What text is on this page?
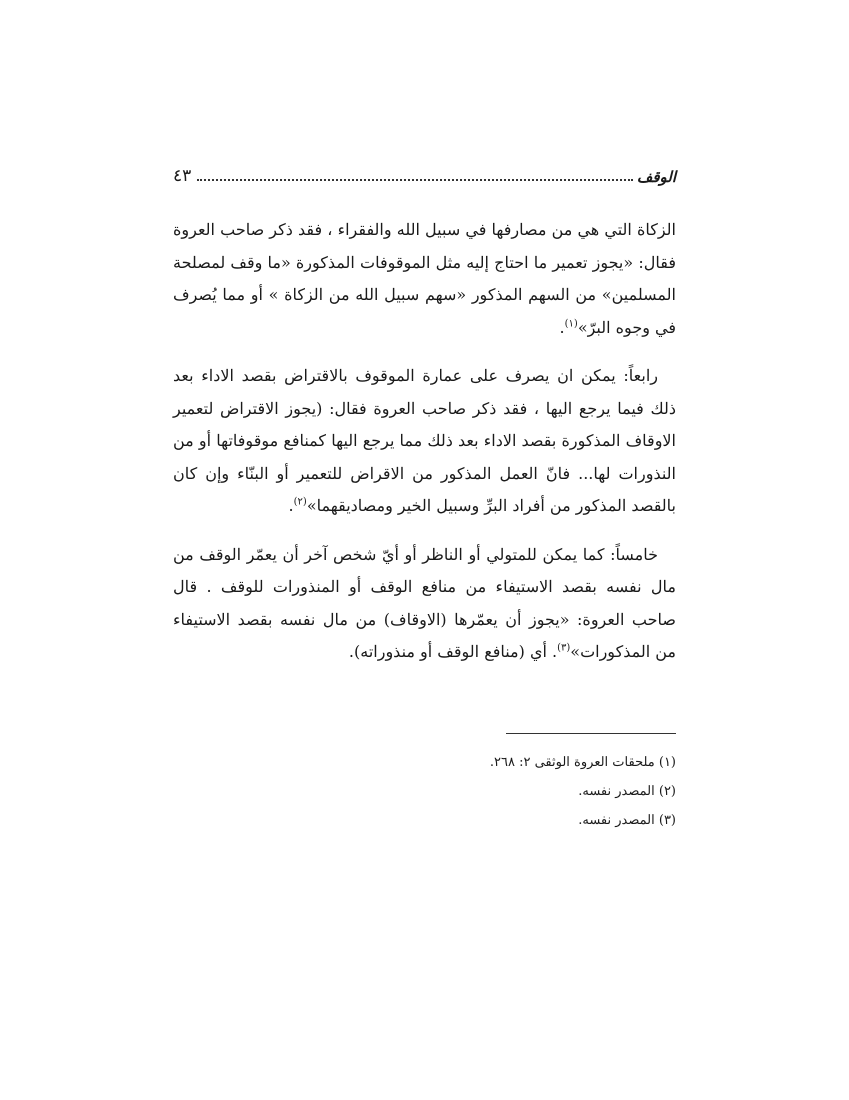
الوقف
٤٣

الزكاة التي هي من مصارفها في سبيل الله والفقراء ، فقد ذكر صاحب العروة فقال: «يجوز تعمير ما احتاج إليه مثل الموقوفات المذكورة «ما وقف لمصلحة المسلمين» من السهم المذكور «سهم سبيل الله من الزكاة » أو مما يُصرف في وجوه البرّ»$^{(١)}$.

رابعاً: يمكن ان يصرف على عمارة الموقوف بالاقتراض بقصد الاداء بعد ذلك فيما يرجع اليها ، فقد ذكر صاحب العروة فقال: (يجوز الاقتراض لتعمير الاوقاف المذكورة بقصد الاداء بعد ذلك مما يرجع اليها كمنافع موقوفاتها أو من النذورات لها... فانّ العمل المذكور من الاقراض للتعمير أو البنّاء وإن كان بالقصد المذكور من أفراد البرِّ وسبيل الخير ومصاديقهما»$^{(٢)}$.

خامساً: كما يمكن للمتولي أو الناظر أو أيّ شخص آخر أن يعمّر الوقف من مال نفسه بقصد الاستيفاء من منافع الوقف أو المنذورات للوقف . قال صاحب العروة: «يجوز أن يعمّرها (الاوقاف) من مال نفسه بقصد الاستيفاء من المذكورات»$^{(٣)}$. أي (منافع الوقف أو منذوراته).

(١) ملحقات العروة الوثقى ٢: ٢٦٨.

(٢) المصدر نفسه.

(٣) المصدر نفسه.
